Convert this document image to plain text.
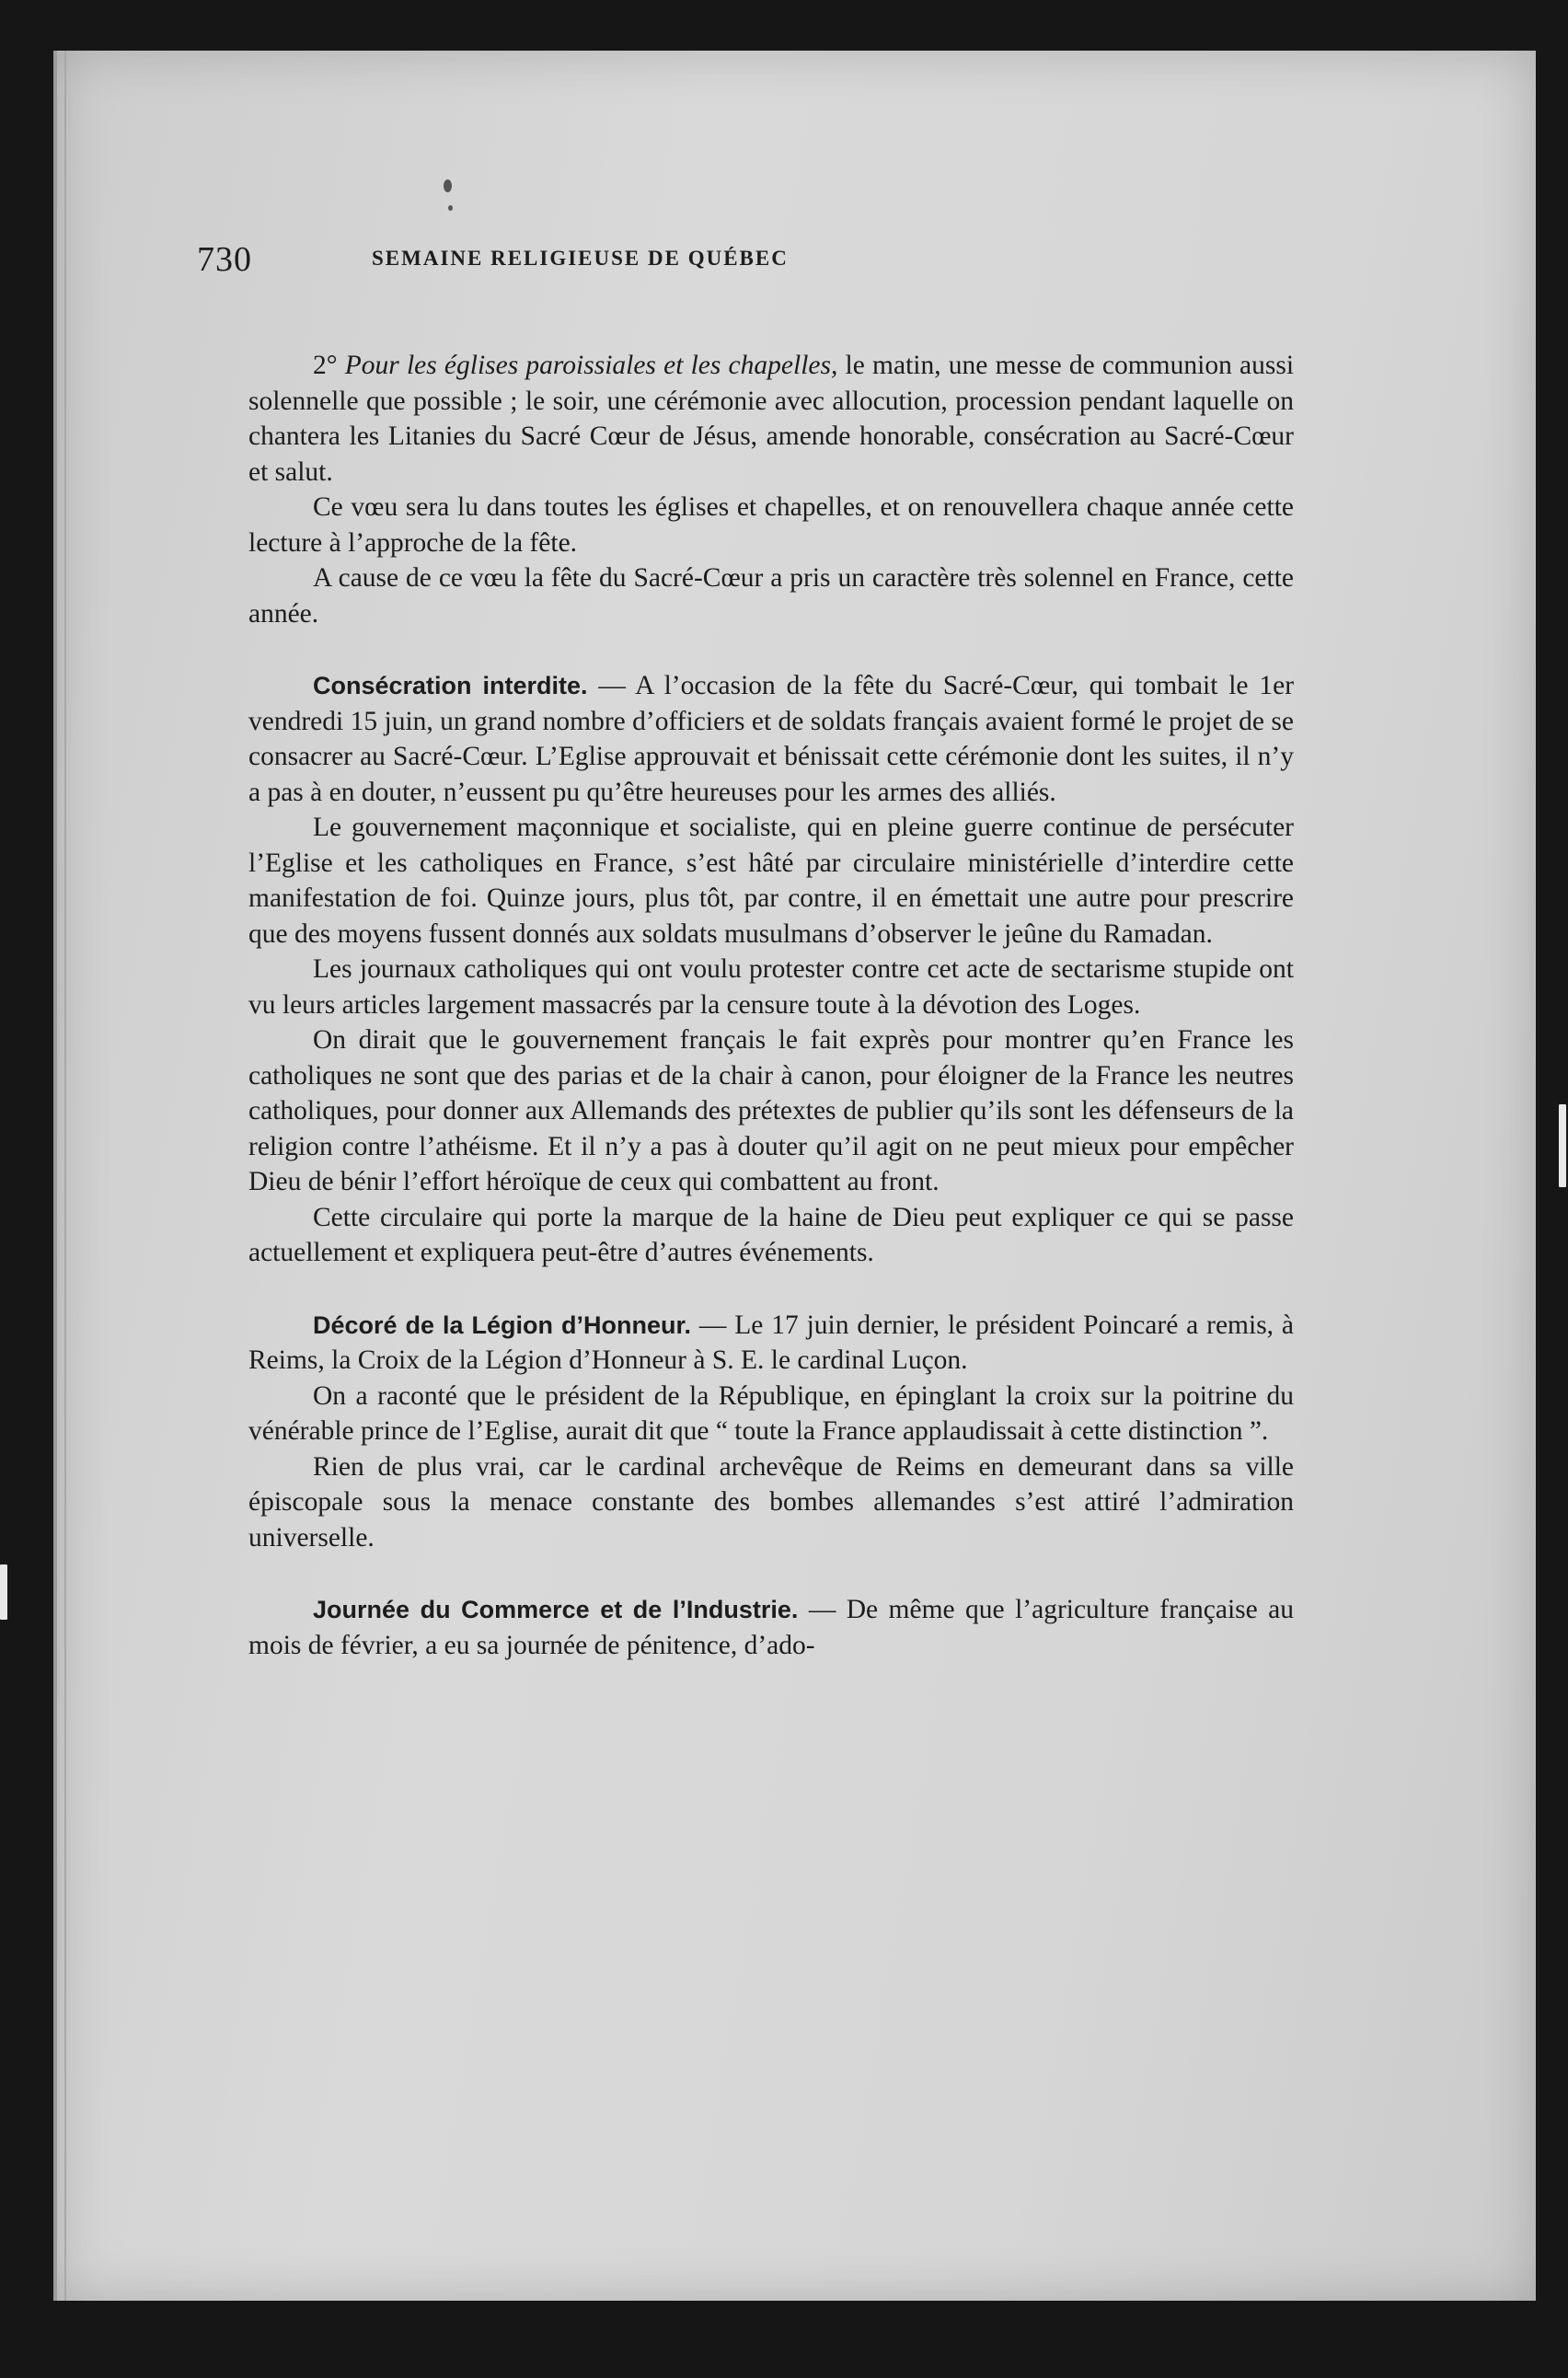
730	SEMAINE RELIGIEUSE DE QUÉBEC

2° Pour les églises paroissiales et les chapelles, le matin, une messe de communion aussi solennelle que possible ; le soir, une cérémonie avec allocution, procession pendant laquelle on chantera les Litanies du Sacré Cœur de Jésus, amende honorable, consécration au Sacré-Cœur et salut.

Ce vœu sera lu dans toutes les églises et chapelles, et on renouvellera chaque année cette lecture à l’approche de la fête.

A cause de ce vœu la fête du Sacré-Cœur a pris un caractère très solennel en France, cette année.

Consécration interdite. — A l’occasion de la fête du Sacré-Cœur, qui tombait le 1er vendredi 15 juin, un grand nombre d’officiers et de soldats français avaient formé le projet de se consacrer au Sacré-Cœur. L’Eglise approuvait et bénissait cette cérémonie dont les suites, il n’y a pas à en douter, n’eussent pu qu’être heureuses pour les armes des alliés.

Le gouvernement maçonnique et socialiste, qui en pleine guerre continue de persécuter l’Eglise et les catholiques en France, s’est hâté par circulaire ministérielle d’interdire cette manifestation de foi. Quinze jours, plus tôt, par contre, il en émettait une autre pour prescrire que des moyens fussent donnés aux soldats musulmans d’observer le jeûne du Ramadan.

Les journaux catholiques qui ont voulu protester contre cet acte de sectarisme stupide ont vu leurs articles largement massacrés par la censure toute à la dévotion des Loges.

On dirait que le gouvernement français le fait exprès pour montrer qu’en France les catholiques ne sont que des parias et de la chair à canon, pour éloigner de la France les neutres catholiques, pour donner aux Allemands des prétextes de publier qu’ils sont les défenseurs de la religion contre l’athéisme. Et il n’y a pas à douter qu’il agit on ne peut mieux pour empêcher Dieu de bénir l’effort héroïque de ceux qui combattent au front.

Cette circulaire qui porte la marque de la haine de Dieu peut expliquer ce qui se passe actuellement et expliquera peut-être d’autres événements.

Décoré de la Légion d’Honneur. — Le 17 juin dernier, le président Poincaré a remis, à Reims, la Croix de la Légion d’Honneur à S. E. le cardinal Luçon.

On a raconté que le président de la République, en épinglant la croix sur la poitrine du vénérable prince de l’Eglise, aurait dit que “ toute la France applaudissait à cette distinction ”.

Rien de plus vrai, car le cardinal archevêque de Reims en demeurant dans sa ville épiscopale sous la menace constante des bombes allemandes s’est attiré l’admiration universelle.

Journée du Commerce et de l’Industrie. — De même que l’agriculture française au mois de février, a eu sa journée de pénitence, d’ado-
